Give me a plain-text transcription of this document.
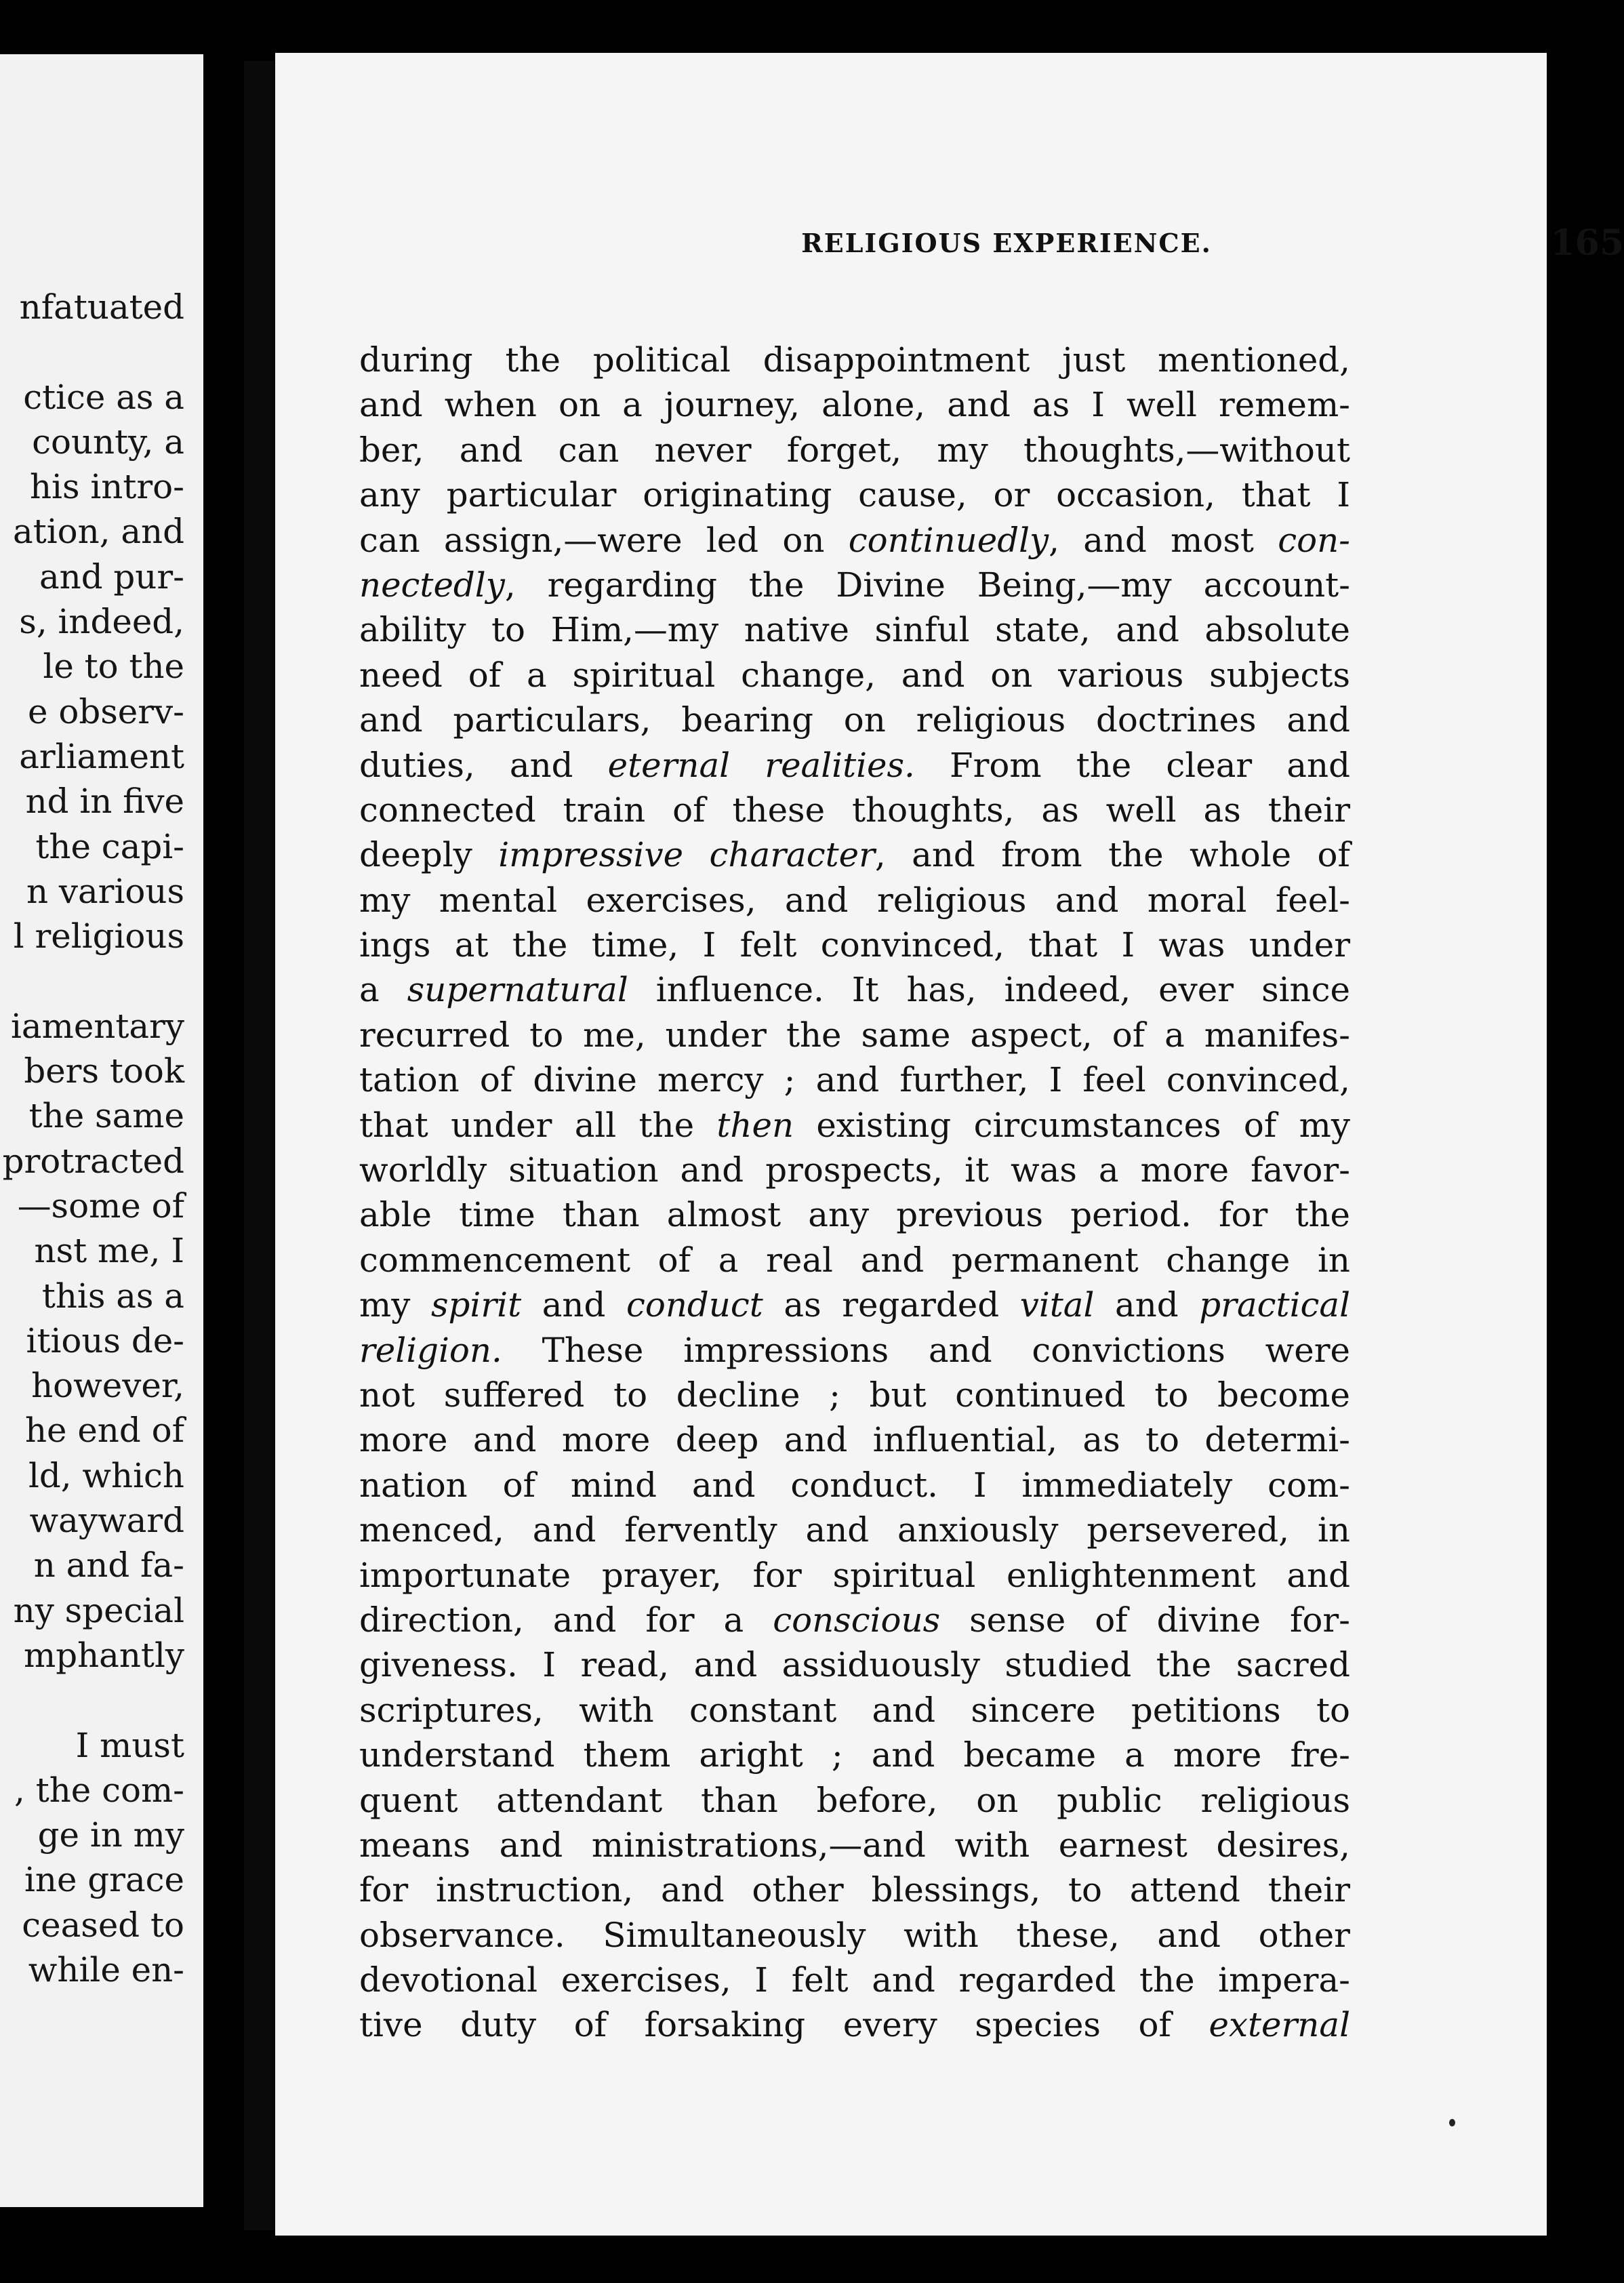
nfatuated
ctice as a
county, a
his intro-
ation, and
and pur-
s, indeed,
le to the
e observ-
arliament
nd in five
the capi-
n various
l religious
iamentary
bers took
the same
protracted
—some of
nst me, I
this as a
itious de-
however,
he end of
ld, which
wayward
n and fa-
ny special
mphantly
I must
, the com-
ge in my
ine grace
ceased to
while en-
RELIGIOUS EXPERIENCE.	165
during the political disappointment just mentioned,
and when on a journey, alone, and as I well remem-
ber, and can never forget, my thoughts,—without
any particular originating cause, or occasion, that I
can assign,—were led on continuedly, and most con-
nectedly, regarding the Divine Being,—my account-
ability to Him,—my native sinful state, and absolute
need of a spiritual change, and on various subjects
and particulars, bearing on religious doctrines and
duties, and eternal realities. From the clear and
connected train of these thoughts, as well as their
deeply impressive character, and from the whole of
my mental exercises, and religious and moral feel-
ings at the time, I felt convinced, that I was under
a supernatural influence. It has, indeed, ever since
recurred to me, under the same aspect, of a manifes-
tation of divine mercy ; and further, I feel convinced,
that under all the then existing circumstances of my
worldly situation and prospects, it was a more favor-
able time than almost any previous period. for the
commencement of a real and permanent change in
my spirit and conduct as regarded vital and practical
religion. These impressions and convictions were
not suffered to decline ; but continued to become
more and more deep and influential, as to determi-
nation of mind and conduct. I immediately com-
menced, and fervently and anxiously persevered, in
importunate prayer, for spiritual enlightenment and
direction, and for a conscious sense of divine for-
giveness. I read, and assiduously studied the sacred
scriptures, with constant and sincere petitions to
understand them aright ; and became a more fre-
quent attendant than before, on public religious
means and ministrations,—and with earnest desires,
for instruction, and other blessings, to attend their
observance. Simultaneously with these, and other
devotional exercises, I felt and regarded the impera-
tive duty of forsaking every species of external
